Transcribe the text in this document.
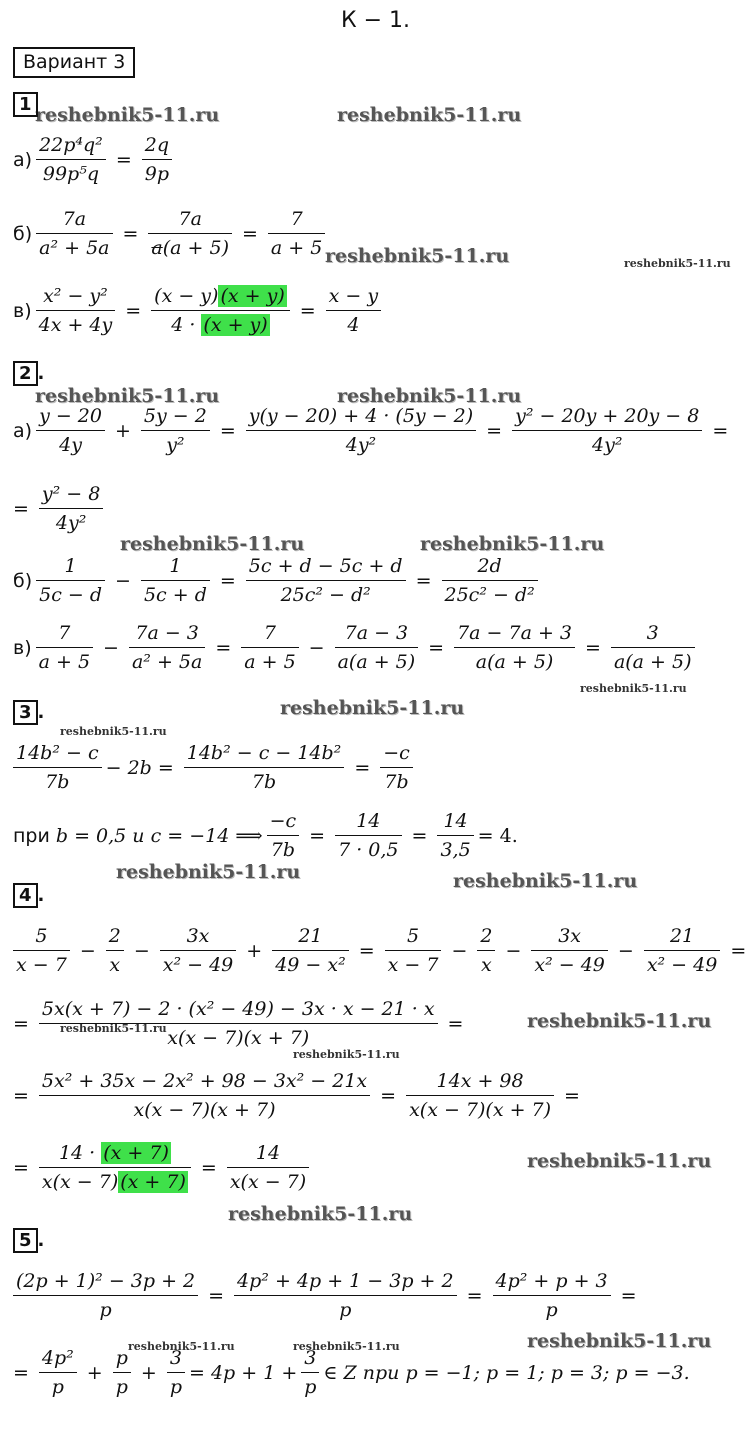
К − 1.
Вариант 3
reshebnik5-11.ru	reshebnik5-11.ru
reshebnik5-11.ru	reshebnik5-11.ru
reshebnik5-11.ru	reshebnik5-11.ru
reshebnik5-11.ru	reshebnik5-11.ru
reshebnik5-11.ru
reshebnik5-11.ru
reshebnik5-11.ru
reshebnik5-11.ru	reshebnik5-11.ru
reshebnik5-11.ru
reshebnik5-11.ru
reshebnik5-11.ru
reshebnik5-11.ru
reshebnik5-11.ru
reshebnik5-11.ru
reshebnik5-11.ru	reshebnik5-11.ru
1
$а) \frac{\text{22p⁴q²}}{\text{99p⁵q}} = \frac{2q}{9p}$
$б) \frac{7a}{\text{a² + 5a}} = \frac{7a}{a(a + 5)} = \frac{7}{a + 5}$
$в) \frac{\text{x² − y²}}{4x + 4y} = \frac{(x - y) (x + y)}{4 \cdot (x + y)} = \frac{x - y}{4}$
2 .
$а) \frac{y - 20}{4y} + \frac{5y - 2}{\text{y²}} = \frac{y(y - 20) + 4 \cdot (5y - 2)}{\text{4y²}} = \frac{\text{y² − 20y + 20y − 8}}{\text{4y²}}$ =
= $\frac{\text{y² − 8}}{\text{4y²}}$
$б) \frac{1}{5c - d} - \frac{1}{5c + d} = \frac{5c + d - 5c + d}{\text{25c² − d²}} = \frac{2d}{\text{25c² − d²}}$
$в) \frac{7}{a + 5} - \frac{7a - 3}{\text{a² + 5a}} = \frac{7}{a + 5} - \frac{7a - 3}{a(a + 5)} = \frac{7a - 7a + 3}{a(a + 5)} = \frac{3}{a(a + 5)}$
3 .
$\frac{\text{14b² − c}}{7b} - 2b = \frac{\text{14b² − c − 14b²}}{7b} = \frac{-c}{7b}$
при
b = 0,5 и c = −14 ⟹ $\frac{-c}{7b} = \frac{14}{7 \cdot 0,5} = \frac{14}{3,5} = 4$.
4 .
$\frac{5}{x - 7} - \frac{2}{x} - \frac{3x}{\text{x² − 49}} + \frac{21}{\text{49 − x²}} = \frac{5}{x - 7} - \frac{2}{x} - \frac{3x}{\text{x² − 49}} - \frac{21}{\text{x² − 49}}$ =
= $\frac{\text{5x(x + 7) − 2 · (x² − 49) − 3x · x − 21 · x}}{x(x - 7)(x + 7)}$ =
= $\frac{\text{5x² + 35x − 2x² + 98 − 3x² − 21x}}{x(x - 7)(x + 7)} = \frac{14x + 98}{x(x - 7)(x + 7)}$ =
= $\frac{14 \cdot (x + 7)}{x(x - 7) (x + 7)} = \frac{14}{x(x - 7)}$
5 .
$\frac{\text{(2p + 1)² − 3p + 2}}{p} = \frac{\text{4p² + 4p + 1 − 3p + 2}}{p} = \frac{\text{4p² + p + 3}}{p}$ =
= $\frac{\text{4p²}}{p} + \frac{p}{p} + \frac{3}{p} = 4p + 1 + \frac{3}{p}$ ∈ Z при p = −1; p = 1; p = 3; p = −3.
